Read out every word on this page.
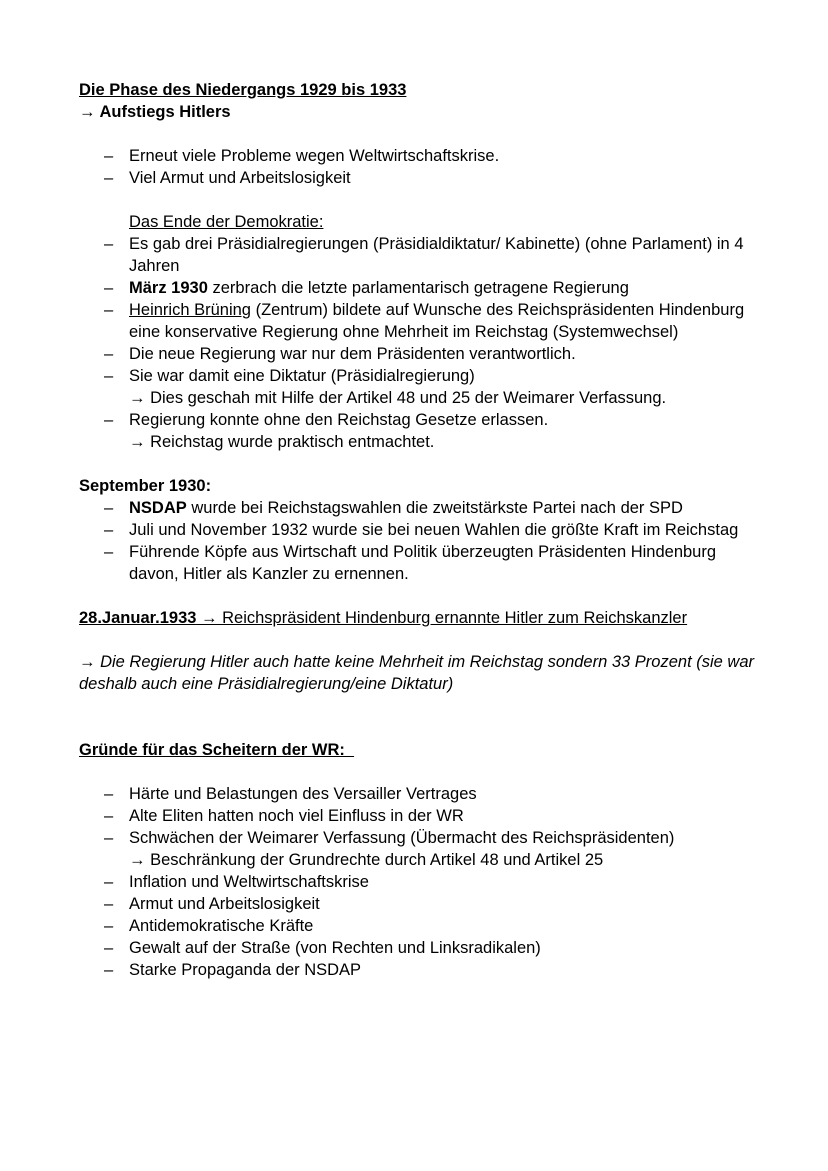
Die Phase des Niedergangs 1929 bis 1933
→ Aufstiegs Hitlers
– Erneut viele Probleme wegen Weltwirtschaftskrise.
– Viel Armut und Arbeitslosigkeit
Das Ende der Demokratie:
– Es gab drei Präsidialregierungen (Präsidialdiktatur/ Kabinette) (ohne Parlament) in 4 Jahren
– März 1930 zerbrach die letzte parlamentarisch getragene Regierung
– Heinrich Brüning (Zentrum) bildete auf Wunsche des Reichspräsidenten Hindenburg eine konservative Regierung ohne Mehrheit im Reichstag (Systemwechsel)
– Die neue Regierung war nur dem Präsidenten verantwortlich.
– Sie war damit eine Diktatur (Präsidialregierung)
→ Dies geschah mit Hilfe der Artikel 48 und 25 der Weimarer Verfassung.
– Regierung konnte ohne den Reichstag Gesetze erlassen.
→ Reichstag wurde praktisch entmachtet.
September 1930:
– NSDAP wurde bei Reichstagswahlen die zweitstärkste Partei nach der SPD
– Juli und November 1932 wurde sie bei neuen Wahlen die größte Kraft im Reichstag
– Führende Köpfe aus Wirtschaft und Politik überzeugten Präsidenten Hindenburg davon, Hitler als Kanzler zu ernennen.
28.Januar.1933 → Reichspräsident Hindenburg ernannte Hitler zum Reichskanzler
→ Die Regierung Hitler auch hatte keine Mehrheit im Reichstag sondern 33 Prozent (sie war deshalb auch eine Präsidialregierung/eine Diktatur)
Gründe für das Scheitern der WR:
– Härte und Belastungen des Versailler Vertrages
– Alte Eliten hatten noch viel Einfluss in der WR
– Schwächen der Weimarer Verfassung (Übermacht des Reichspräsidenten)
→ Beschränkung der Grundrechte durch Artikel 48 und Artikel 25
– Inflation und Weltwirtschaftskrise
– Armut und Arbeitslosigkeit
– Antidemokratische Kräfte
– Gewalt auf der Straße (von Rechten und Linksradikalen)
– Starke Propaganda der NSDAP
